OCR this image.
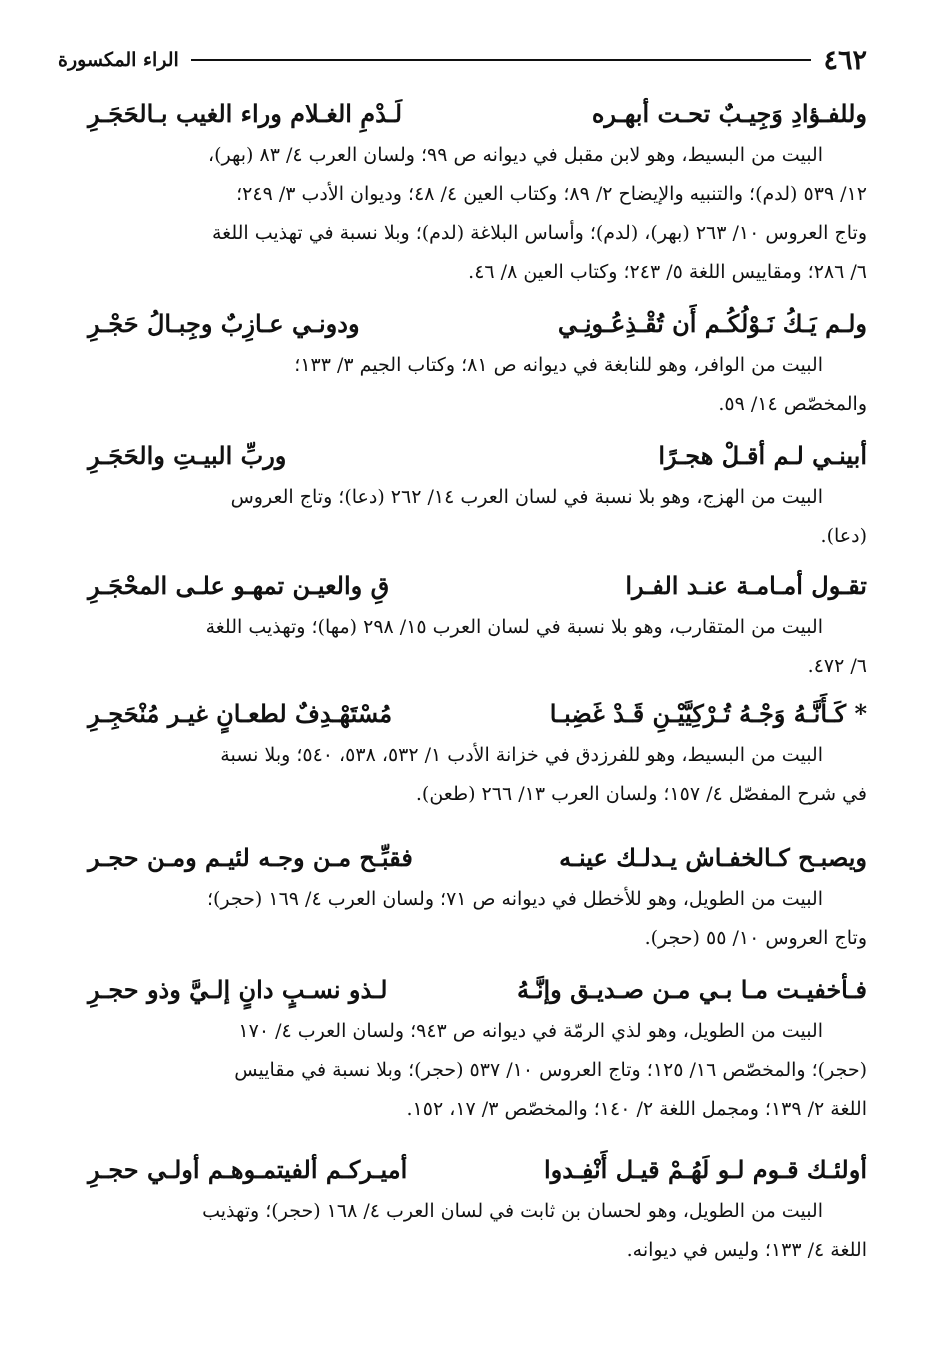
٤٦٢
الراء المكسورة
وللفـؤادِ وَجِيـبٌ تحـت أبهـره
لَـدْمِ الغـلام وراء الغيب بـالحَجَـرِ
البيت من البسيط، وهو لابن مقبل في ديوانه ص ٩٩؛ ولسان العرب ٤/ ٨٣ (بهر)،
١٢/ ٥٣٩ (لدم)؛ والتنبيه والإيضاح ٢/ ٨٩؛ وكتاب العين ٤/ ٤٨؛ وديوان الأدب ٣/ ٢٤٩؛
وتاج العروس ١٠/ ٢٦٣ (بهر)، (لدم)؛ وأساس البلاغة (لدم)؛ وبلا نسبة في تهذيب اللغة
٦/ ٢٨٦؛ ومقاييس اللغة ٥/ ٢٤٣؛ وكتاب العين ٨/ ٤٦.
ولـم يَـكُ نَـوْلُكُـم أَن تُقْـذِعُـونِـي
ودونـي عـازِبٌ وجِبـالُ حَجْـرِ
البيت من الوافر، وهو للنابغة في ديوانه ص ٨١؛ وكتاب الجيم ٣/ ١٣٣؛
والمخصّص ١٤/ ٥٩.
أبينـي لـم أقـلْ هجـرًا
وربِّ البيـتِ والحَجَـرِ
البيت من الهزج، وهو بلا نسبة في لسان العرب ١٤/ ٢٦٢ (دعا)؛ وتاج العروس
(دعا).
تقـول أمـامـة عنـد الفـرا
قِ والعيـن تمهـو علـى المحْجَـرِ
البيت من المتقارب، وهو بلا نسبة في لسان العرب ١٥/ ٢٩٨ (مها)؛ وتهذيب اللغة
٦/ ٤٧٢.
* كَـأَنَّـهُ وَجْـهُ تُـرْكِيَّيْـنِ قَـدْ غَضِبـا
مُسْتَهْـدِفٌ لطعـانٍ غيـر مُنْحَجِـرِ
البيت من البسيط، وهو للفرزدق في خزانة الأدب ١/ ٥٣٢، ٥٣٨، ٥٤٠؛ وبلا نسبة
في شرح المفصّل ٤/ ١٥٧؛ ولسان العرب ١٣/ ٢٦٦ (طعن).
ويصبـح كـالخفـاش يـدلـك عينـه
فقبِّـح مـن وجـه لئيـم ومـن حجـر
البيت من الطويل، وهو للأخطل في ديوانه ص ٧١؛ ولسان العرب ٤/ ١٦٩ (حجر)؛
وتاج العروس ١٠/ ٥٥ (حجر).
فـأخفيـت مـا بـي مـن صـديـق وإنَّـهُ
لـذو نسـبٍ دانٍ إلـيَّ وذو حجـرِ
البيت من الطويل، وهو لذي الرمّة في ديوانه ص ٩٤٣؛ ولسان العرب ٤/ ١٧٠
(حجر)؛ والمخصّص ١٦/ ١٢٥؛ وتاج العروس ١٠/ ٥٣٧ (حجر)؛ وبلا نسبة في مقاييس
اللغة ٢/ ١٣٩؛ ومجمل اللغة ٢/ ١٤٠؛ والمخصّص ٣/ ١٧، ١٥٢.
أولئـك قـوم لـو لَهُـمْ قيـل أَنْفِـدوا
أميـركـم ألفيتمـوهـم أولـي حجـرِ
البيت من الطويل، وهو لحسان بن ثابت في لسان العرب ٤/ ١٦٨ (حجر)؛ وتهذيب
اللغة ٤/ ١٣٣؛ وليس في ديوانه.
